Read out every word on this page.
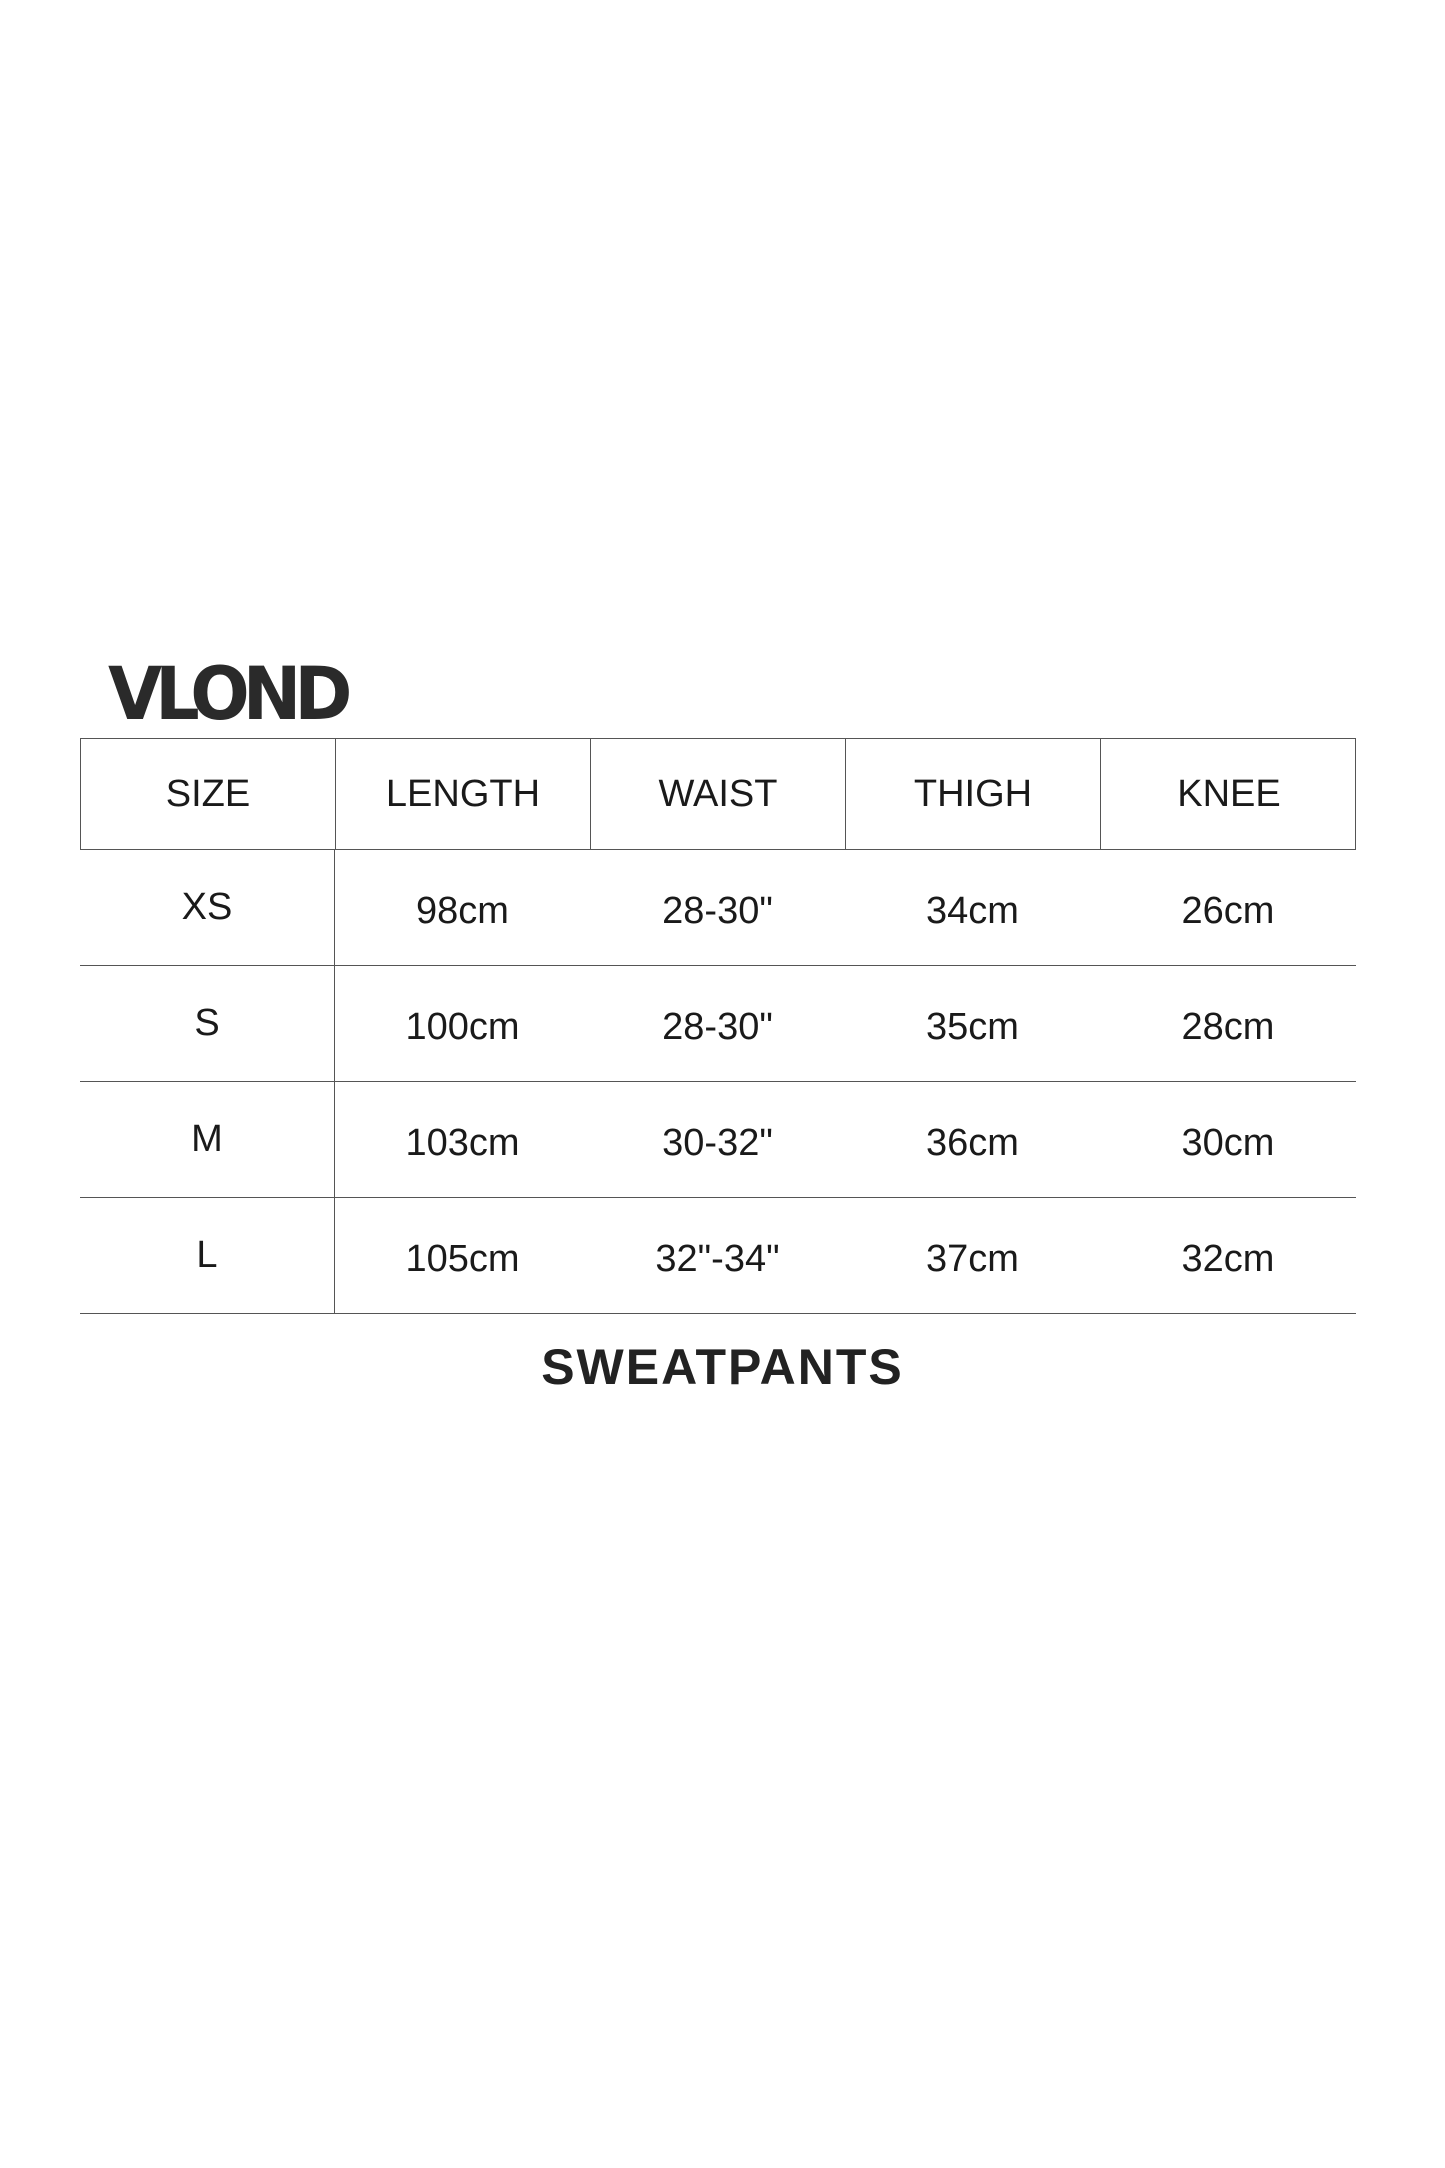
VLOND
SIZE	LENGTH	WAIST	THIGH	KNEE
XS	98cm	28-30"	34cm	26cm
S	100cm	28-30"	35cm	28cm
M	103cm	30-32"	36cm	30cm
L	105cm	32"-34"	37cm	32cm
SWEATPANTS
